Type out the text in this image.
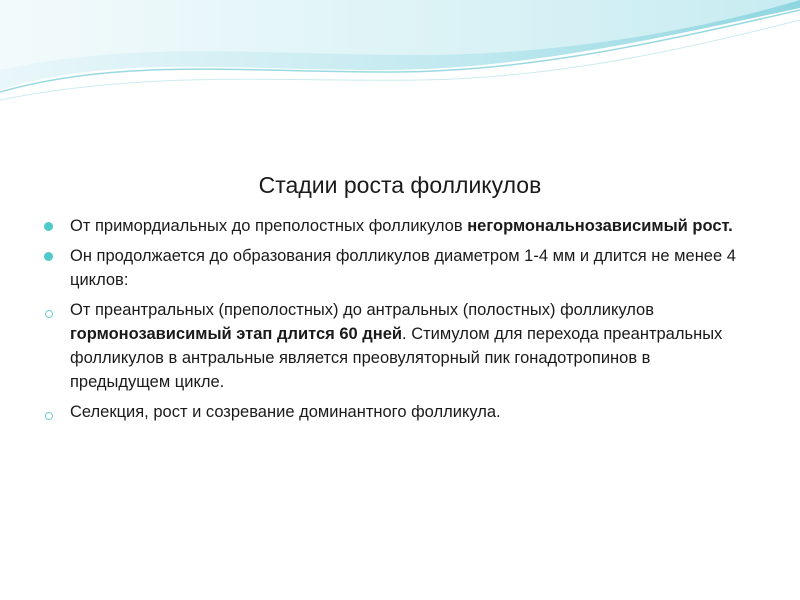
Стадии роста фолликулов
От примордиальных до преполостных фолликулов негормональнозависимый рост.
Он продолжается до образования фолликулов диаметром 1-4 мм и длится не менее 4 циклов:
От преантральных (преполостных) до антральных (полостных) фолликулов гормонозависимый этап длится 60 дней. Стимулом для перехода преантральных фолликулов в антральные является преовуляторный пик гонадотропинов в предыдущем цикле.
Селекция, рост и созревание доминантного фолликула.
